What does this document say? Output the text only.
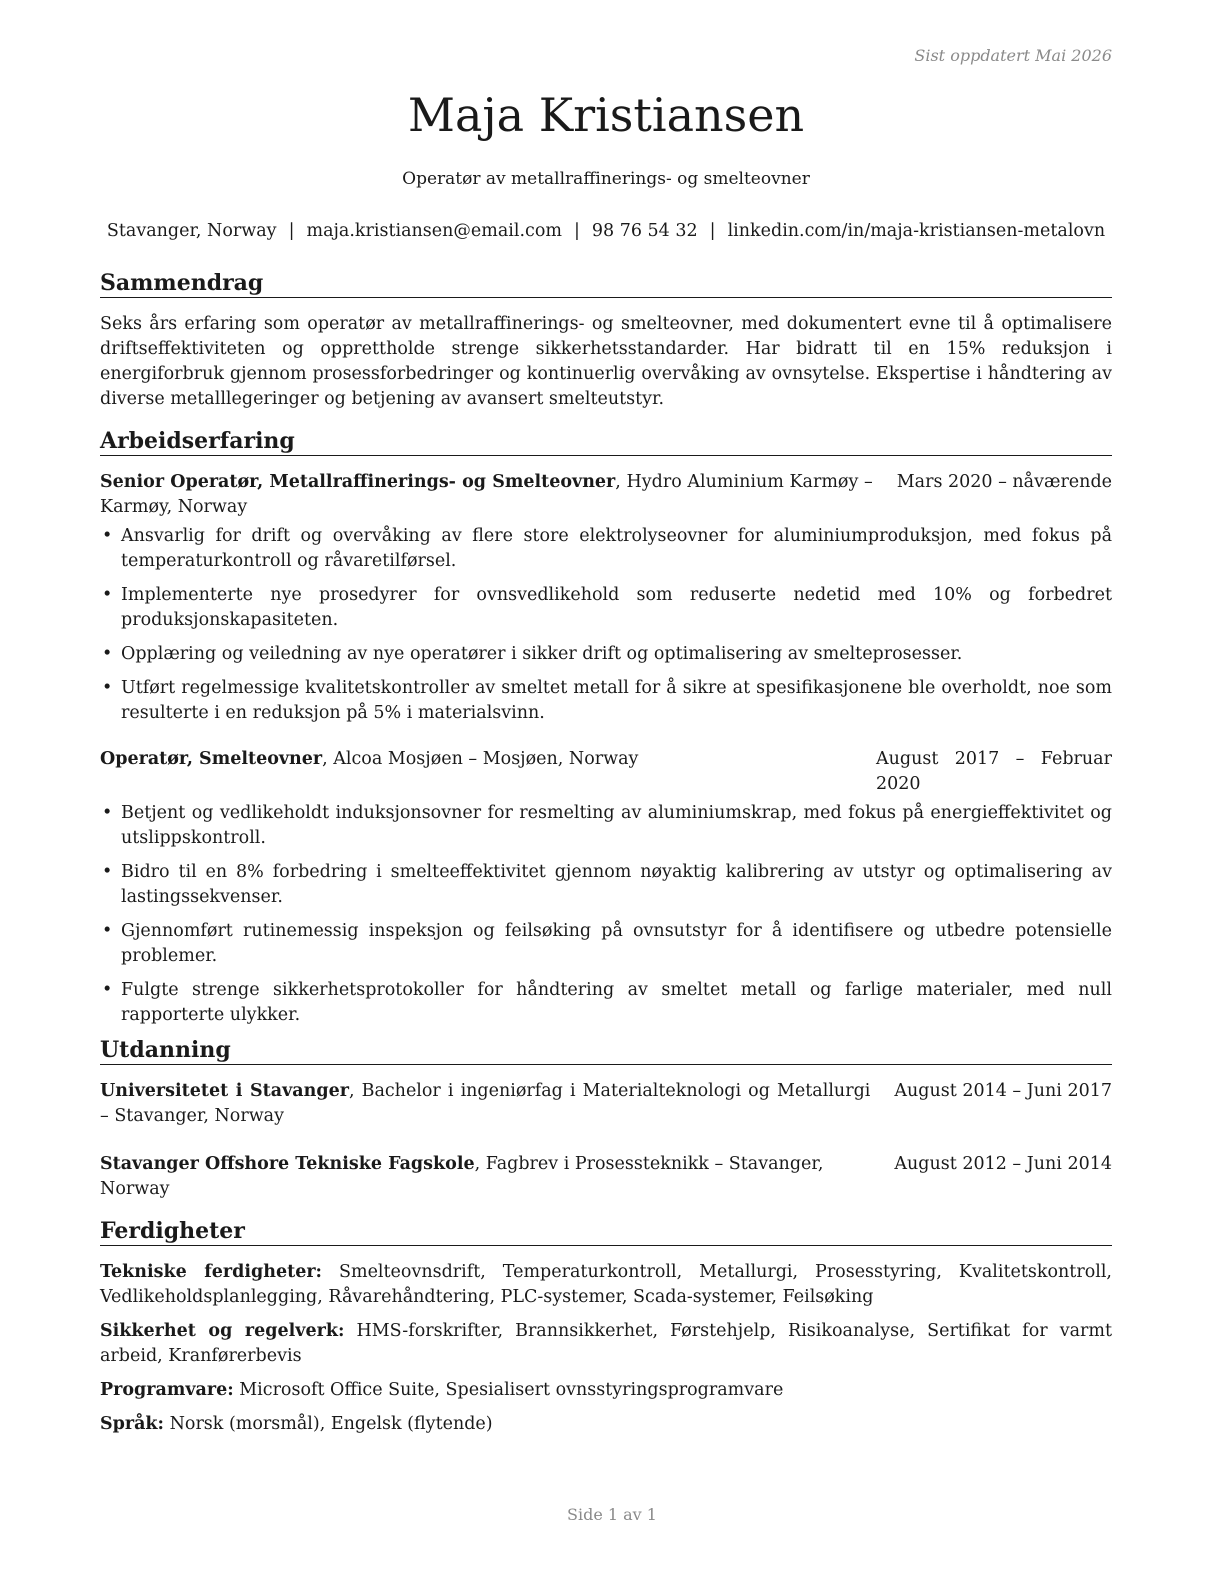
Sist oppdatert Mai 2026
Maja Kristiansen
Operatør av metallraffinerings- og smelteovner
Stavanger, Norway | maja.kristiansen@email.com | 98 76 54 32 | linkedin.com/in/maja-kristiansen-metalovn
Sammendrag

Seks års erfaring som operatør av metallraffinerings- og smelteovner, med dokumentert evne til å optimalisere driftseffektiviteten og opprettholde strenge sikkerhetsstandarder. Har bidratt til en 15% reduksjon i energiforbruk gjennom prosessforbedringer og kontinuerlig overvåking av ovnsytelse. Ekspertise i håndtering av diverse metalllegeringer og betjening av avansert smelteutstyr.

Arbeidserfaring
Senior Operatør, Metallraffinerings- og Smelteovner, Hydro Aluminium Karmøy – Karmøy, Norway
Mars 2020 – nåværende
• Ansvarlig for drift og overvåking av flere store elektrolyseovner for aluminiumproduksjon, med fokus på temperaturkontroll og råvaretilførsel.
• Implementerte nye prosedyrer for ovnsvedlikehold som reduserte nedetid med 10% og forbedret produksjonskapasiteten.
• Opplæring og veiledning av nye operatører i sikker drift og optimalisering av smelteprosesser.
• Utført regelmessige kvalitetskontroller av smeltet metall for å sikre at spesifikasjonene ble overholdt, noe som resulterte i en reduksjon på 5% i materialsvinn.
Operatør, Smelteovner, Alcoa Mosjøen – Mosjøen, Norway	August 2017 – Februar 2020
• Betjent og vedlikeholdt induksjonsovner for resmelting av aluminiumskrap, med fokus på energieffektivitet og utslippskontroll.
• Bidro til en 8% forbedring i smelteeffektivitet gjennom nøyaktig kalibrering av utstyr og optimalisering av lastingssekvenser.
• Gjennomført rutinemessig inspeksjon og feilsøking på ovnsutstyr for å identifisere og utbedre potensielle problemer.
• Fulgte strenge sikkerhetsprotokoller for håndtering av smeltet metall og farlige materialer, med null rapporterte ulykker.
Utdanning
Universitetet i Stavanger, Bachelor i ingeniørfag i Materialteknologi og Metallurgi – Stavanger, Norway
August 2014 – Juni 2017
Stavanger Offshore Tekniske Fagskole, Fagbrev i Prosessteknikk – Stavanger, Norway
August 2012 – Juni 2014
Ferdigheter
Tekniske ferdigheter: Smelteovnsdrift, Temperaturkontroll, Metallurgi, Prosesstyring, Kvalitetskontroll, Vedlikeholdsplanlegging, Råvarehåndtering, PLC-systemer, Scada-systemer, Feilsøking
Sikkerhet og regelverk: HMS-forskrifter, Brannsikkerhet, Førstehjelp, Risikoanalyse, Sertifikat for varmt arbeid, Kranførerbevis
Programvare: Microsoft Office Suite, Spesialisert ovnsstyringsprogramvare
Språk: Norsk (morsmål), Engelsk (flytende)
Side 1 av 1
